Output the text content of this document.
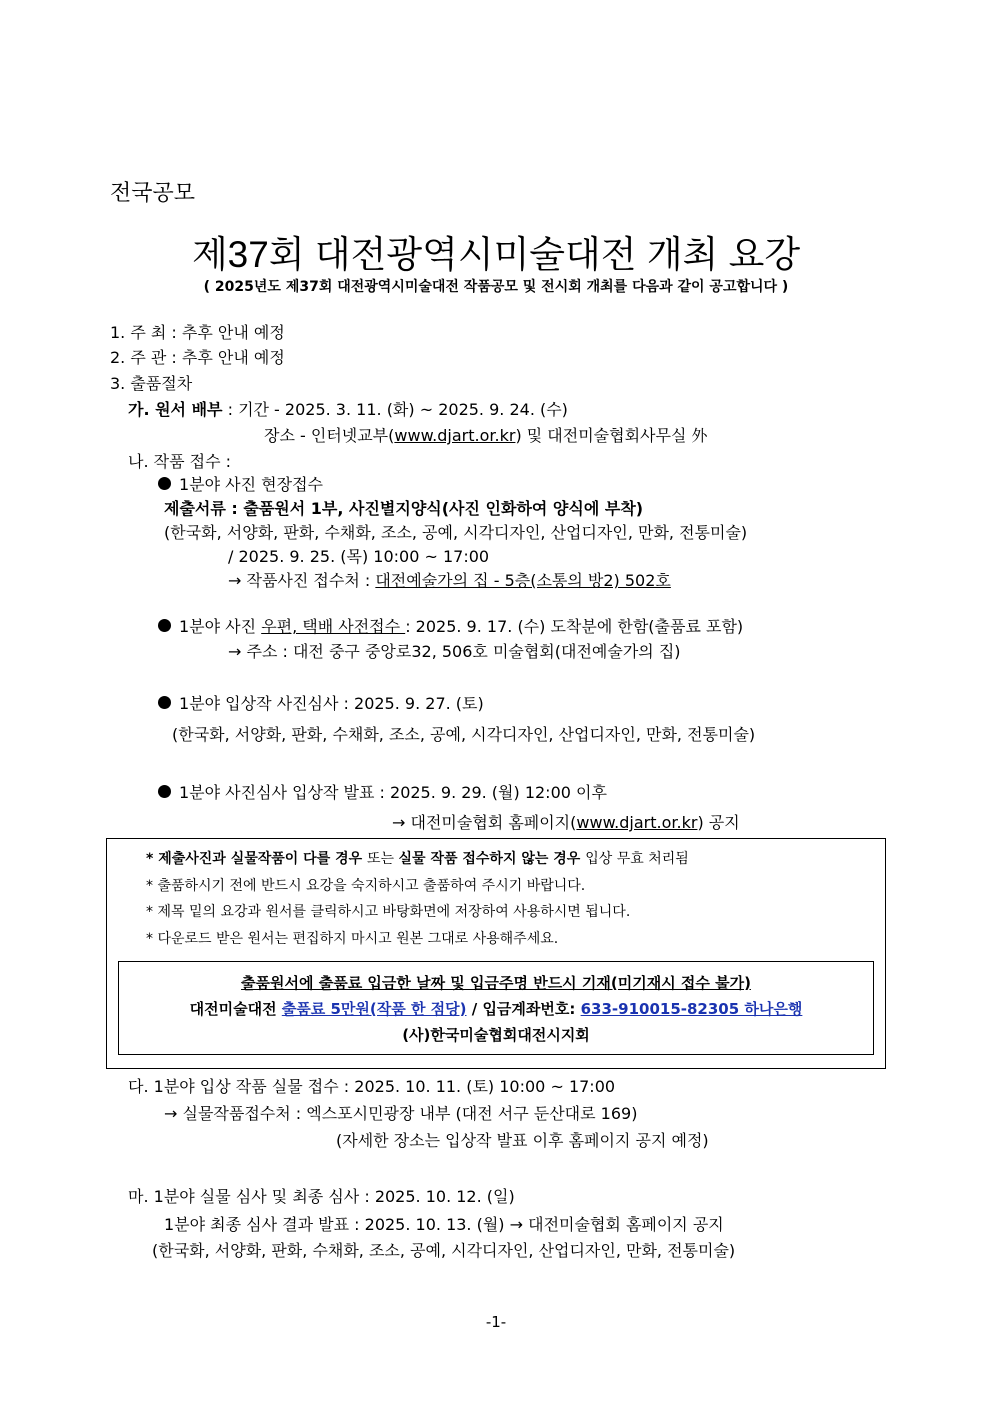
전국공모
제37회 대전광역시미술대전 개최 요강
( 2025년도 제37회 대전광역시미술대전 작품공모 및 전시회 개최를 다음과 같이 공고합니다 )
1. 주 최 : 추후 안내 예정
2. 주 관 : 추후 안내 예정
3. 출품절차
가. 원서 배부 : 기간 - 2025. 3. 11. (화) ~ 2025. 9. 24. (수)
장소 - 인터넷교부(www.djart.or.kr) 및 대전미술협회사무실 外
나. 작품 접수 :
1분야 사진 현장접수
제출서류 : 출품원서 1부, 사진별지양식(사진 인화하여 양식에 부착)
(한국화, 서양화, 판화, 수채화, 조소, 공예, 시각디자인, 산업디자인, 만화, 전통미술)
/ 2025. 9. 25. (목) 10:00 ~ 17:00
→ 작품사진 접수처 : 대전예술가의 집 - 5층(소통의 방2) 502호
1분야 사진 우편, 택배 사전접수 : 2025. 9. 17. (수) 도착분에 한함(출품료 포함)
→ 주소 : 대전 중구 중앙로32, 506호 미술협회(대전예술가의 집)
1분야 입상작 사진심사 : 2025. 9. 27. (토)
(한국화, 서양화, 판화, 수채화, 조소, 공예, 시각디자인, 산업디자인, 만화, 전통미술)
1분야 사진심사 입상작 발표 : 2025. 9. 29. (월) 12:00 이후
→ 대전미술협회 홈페이지(www.djart.or.kr) 공지
* 제출사진과 실물작품이 다를 경우 또는 실물 작품 접수하지 않는 경우 입상 무효 처리됨
* 출품하시기 전에 반드시 요강을 숙지하시고 출품하여 주시기 바랍니다.
* 제목 밑의 요강과 원서를 클릭하시고 바탕화면에 저장하여 사용하시면 됩니다.
* 다운로드 받은 원서는 편집하지 마시고 원본 그대로 사용해주세요.
출품원서에 출품료 입금한 날짜 및 입금주명 반드시 기재(미기재시 접수 불가)
대전미술대전 출품료 5만원(작품 한 점당) / 입금계좌번호: 633-910015-82305 하나은행
(사)한국미술협회대전시지회
다. 1분야 입상 작품 실물 접수 : 2025. 10. 11. (토) 10:00 ~ 17:00
→ 실물작품접수처 : 엑스포시민광장 내부 (대전 서구 둔산대로 169)
(자세한 장소는 입상작 발표 이후 홈페이지 공지 예정)
마. 1분야 실물 심사 및 최종 심사 : 2025. 10. 12. (일)
1분야 최종 심사 결과 발표 : 2025. 10. 13. (월) → 대전미술협회 홈페이지 공지
(한국화, 서양화, 판화, 수채화, 조소, 공예, 시각디자인, 산업디자인, 만화, 전통미술)
-1-
